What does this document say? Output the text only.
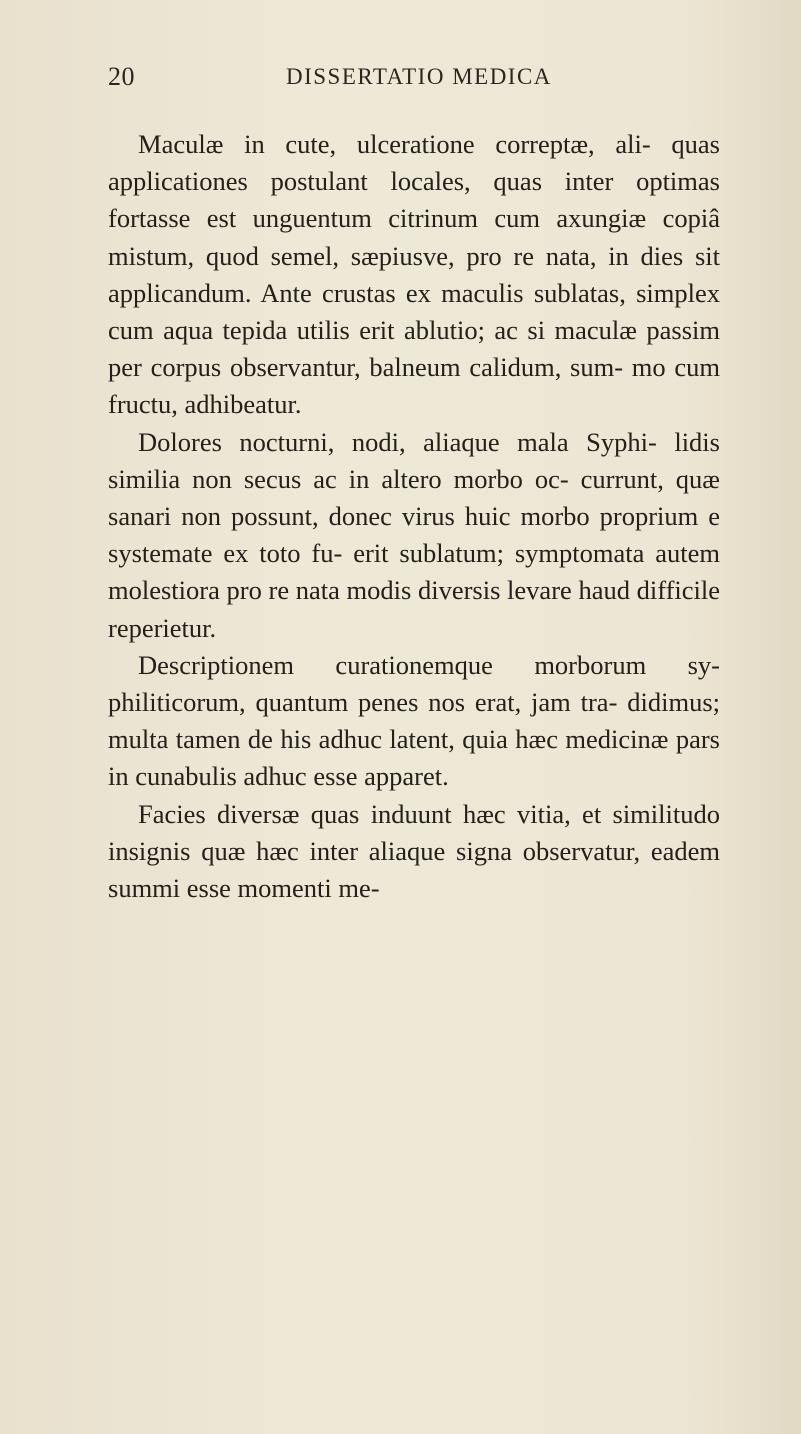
20	DISSERTATIO MEDICA

Maculæ in cute, ulceratione correptæ, ali- quas applicationes postulant locales, quas inter optimas fortasse est unguentum citrinum cum axungiæ copiâ mistum, quod semel, sæpiusve, pro re nata, in dies sit applicandum. Ante crustas ex maculis sublatas, simplex cum aqua tepida utilis erit ablutio; ac si maculæ passim per corpus observantur, balneum calidum, sum- mo cum fructu, adhibeatur.

Dolores nocturni, nodi, aliaque mala Syphi- lidis similia non secus ac in altero morbo oc- currunt, quæ sanari non possunt, donec virus huic morbo proprium e systemate ex toto fu- erit sublatum; symptomata autem molestiora pro re nata modis diversis levare haud difficile reperietur.

Descriptionem curationemque morborum sy- philiticorum, quantum penes nos erat, jam tra- didimus; multa tamen de his adhuc latent, quia hæc medicinæ pars in cunabulis adhuc esse apparet.

Facies diversæ quas induunt hæc vitia, et similitudo insignis quæ hæc inter aliaque signa observatur, eadem summi esse momenti me-
